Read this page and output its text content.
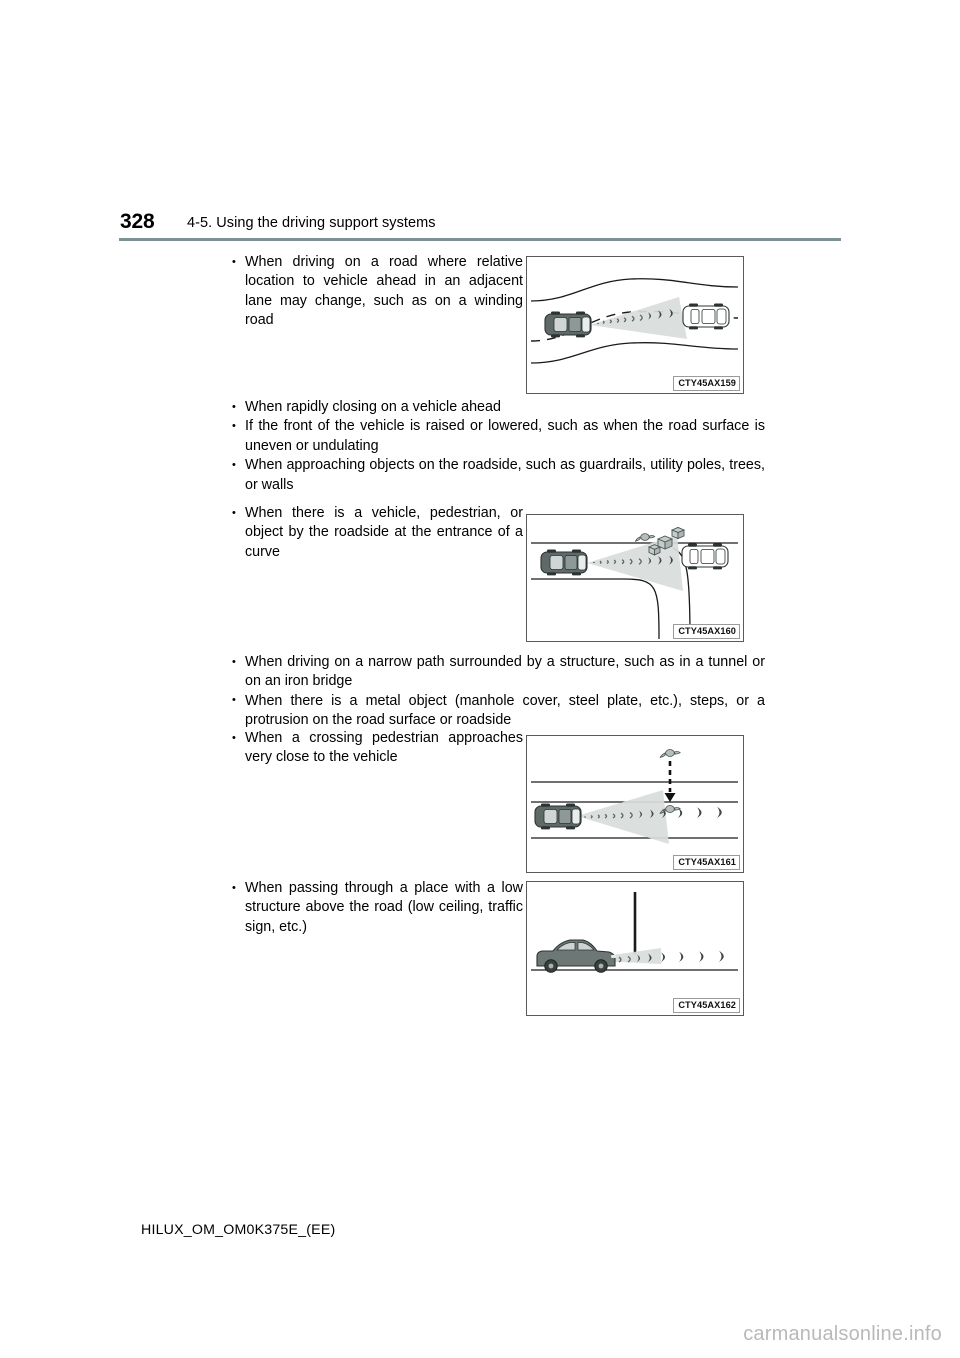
328 4-5. Using the driving support systems
• When driving on a road where relative location to vehicle ahead in an adjacent lane may change, such as on a winding road
CTY45AX159
• When rapidly closing on a vehicle ahead
• If the front of the vehicle is raised or lowered, such as when the road surface is uneven or undulating
• When approaching objects on the roadside, such as guardrails, utility poles, trees, or walls
• When there is a vehicle, pedestrian, or object by the roadside at the entrance of a curve
CTY45AX160
• When driving on a narrow path surrounded by a structure, such as in a tunnel or on an iron bridge
• When there is a metal object (manhole cover, steel plate, etc.), steps, or a protrusion on the road surface or roadside
• When a crossing pedestrian approaches very close to the vehicle
CTY45AX161
• When passing through a place with a low structure above the road (low ceiling, traffic sign, etc.)
CTY45AX162
HILUX_OM_OM0K375E_(EE)
carmanualsonline.info
